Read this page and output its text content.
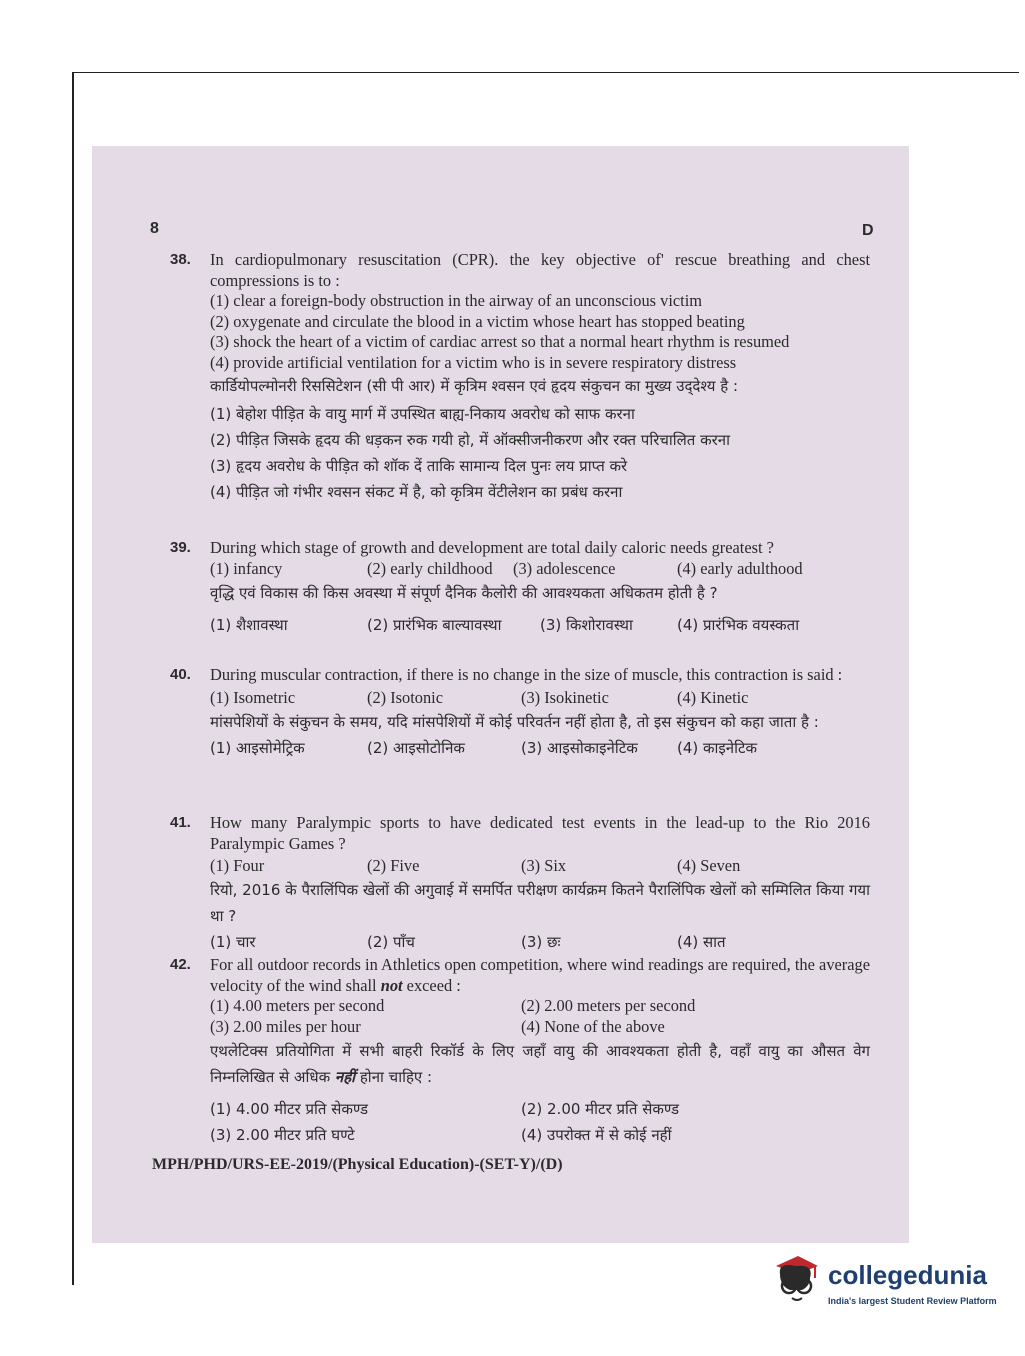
8	D
38. In cardiopulmonary resuscitation (CPR). the key objective of' rescue breathing and chest compressions is to :
(1) clear a foreign-body obstruction in the airway of an unconscious victim
(2) oxygenate and circulate the blood in a victim whose heart has stopped beating
(3) shock the heart of a victim of cardiac arrest so that a normal heart rhythm is resumed
(4) provide artificial ventilation for a victim who is in severe respiratory distress
कार्डियोपल्मोनरी रिससिटेशन (सी पी आर) में कृत्रिम श्वसन एवं हृदय संकुचन का मुख्य उद्‌देश्य है :
(1) बेहोश पीड़ित के वायु मार्ग में उपस्थित बाह्य-निकाय अवरोध को साफ करना
(2) पीड़ित जिसके हृदय की धड़कन रुक गयी हो, में ऑक्सीजनीकरण और रक्त परिचालित करना
(3) हृदय अवरोध के पीड़ित को शॉक दें ताकि सामान्य दिल पुनः लय प्राप्त करे
(4) पीड़ित जो गंभीर श्वसन संकट में है, को कृत्रिम वेंटीलेशन का प्रबंध करना
39. During which stage of growth and development are total daily caloric needs greatest ?
(1) infancy	(2) early childhood (3) adolescence	(4) early adulthood
वृद्धि एवं विकास की किस अवस्था में संपूर्ण दैनिक कैलोरी की आवश्यकता अधिकतम होती है ?
(1) शैशावस्था	(2) प्रारंभिक बाल्यावस्था	(3) किशोरावस्था	(4) प्रारंभिक वयस्कता
40. During muscular contraction, if there is no change in the size of muscle, this contraction is said :
(1) Isometric	(2) Isotonic	(3) Isokinetic	(4) Kinetic
मांसपेशियों के संकुचन के समय, यदि मांसपेशियों में कोई परिवर्तन नहीं होता है, तो इस संकुचन को कहा जाता है :
(1) आइसोमेट्रिक	(2) आइसोटोनिक	(3) आइसोकाइनेटिक	(4) काइनेटिक
41. How many Paralympic sports to have dedicated test events in the lead-up to the Rio 2016 Paralympic Games ?
(1) Four	(2) Five	(3) Six	(4) Seven
रियो, 2016 के पैरालिंपिक खेलों की अगुवाई में समर्पित परीक्षण कार्यक्रम कितने पैरालिंपिक खेलों को सम्मिलित किया गया था ?
(1) चार	(2) पाँच	(3) छः	(4) सात
42. For all outdoor records in Athletics open competition, where wind readings are required, the average velocity of the wind shall not exceed :
(1) 4.00 meters per second	(2) 2.00 meters per second
(3) 2.00 miles per hour	(4) None of the above
एथलेटिक्स प्रतियोगिता में सभी बाहरी रिकॉर्ड के लिए जहाँ वायु की आवश्यकता होती है, वहाँ वायु का औसत वेग निम्नलिखित से अधिक नहीं होना चाहिए :
(1) 4.00 मीटर प्रति सेकण्ड	(2) 2.00 मीटर प्रति सेकण्ड
(3) 2.00 मीटर प्रति घण्टे	(4) उपरोक्त में से कोई नहीं
MPH/PHD/URS-EE-2019/(Physical Education)-(SET-Y)/(D)
collegedunia
India's largest Student Review Platform
